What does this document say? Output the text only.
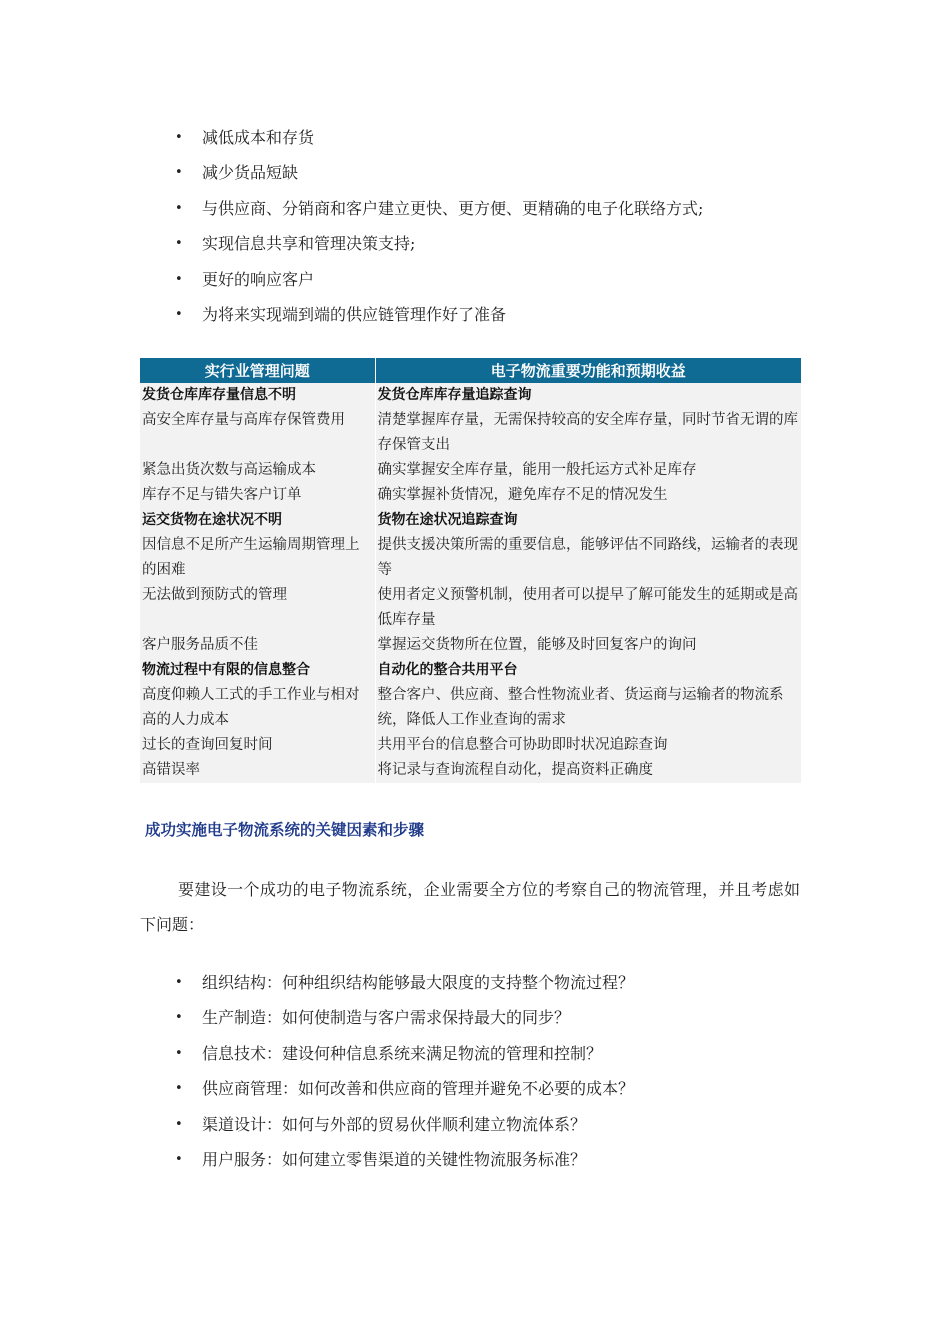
• 减低成本和存货
• 减少货品短缺
• 与供应商、分销商和客户建立更快、更方便、更精确的电子化联络方式;
• 实现信息共享和管理决策支持;
• 更好的响应客户
• 为将来实现端到端的供应链管理作好了准备
实行业管理问题	电子物流重要功能和预期收益
发货仓库库存量信息不明	发货仓库库存量追踪查询
高安全库存量与高库存保管费用	清楚掌握库存量，无需保持较高的安全库存量，同时节省无谓的库存保管支出
紧急出货次数与高运输成本	确实掌握安全库存量，能用一般托运方式补足库存
库存不足与错失客户订单	确实掌握补货情况，避免库存不足的情况发生
运交货物在途状况不明	货物在途状况追踪查询
因信息不足所产生运输周期管理上的困难	提供支援决策所需的重要信息，能够评估不同路线，运输者的表现等
无法做到预防式的管理	使用者定义预警机制，使用者可以提早了解可能发生的延期或是高低库存量
客户服务品质不佳	掌握运交货物所在位置，能够及时回复客户的询问
物流过程中有限的信息整合	自动化的整合共用平台
高度仰赖人工式的手工作业与相对高的人力成本	整合客户、供应商、整合性物流业者、货运商与运输者的物流系统，降低人工作业查询的需求
过长的查询回复时间	共用平台的信息整合可协助即时状况追踪查询
高错误率	将记录与查询流程自动化，提高资料正确度
成功实施电子物流系统的关键因素和步骤
要建设一个成功的电子物流系统，企业需要全方位的考察自己的物流管理，并且考虑如下问题：
• 组织结构：何种组织结构能够最大限度的支持整个物流过程？
• 生产制造：如何使制造与客户需求保持最大的同步？
• 信息技术：建设何种信息系统来满足物流的管理和控制？
• 供应商管理：如何改善和供应商的管理并避免不必要的成本？
• 渠道设计：如何与外部的贸易伙伴顺利建立物流体系？
• 用户服务：如何建立零售渠道的关键性物流服务标准？
